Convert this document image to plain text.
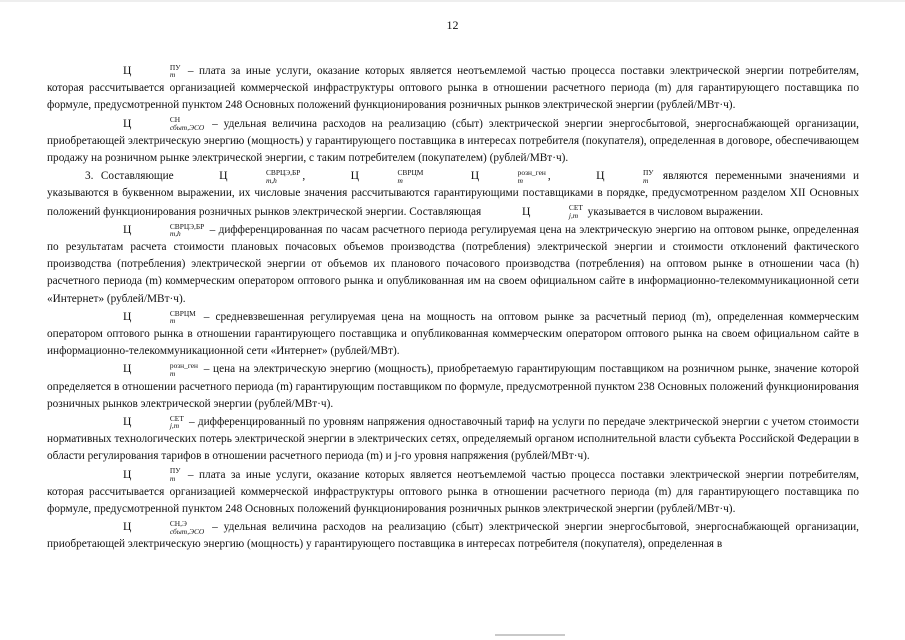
12

Ц	ПУ
m – плата за иные услуги, оказание которых является неотъемлемой частью процесса поставки электрической энергии потребителям, которая рассчитывается организацией коммерческой инфраструктуры оптового рынка в отношении расчетного периода (m) для гарантирующего поставщика по формуле, предусмотренной пунктом 248 Основных положений функционирования розничных рынков электрической энергии (рублей/МВт·ч).

Ц	СН
сбыт,ЭСО – удельная величина расходов на реализацию (сбыт) электрической энергии энергосбытовой, энергоснабжающей организации, приобретающей электрическую энергию (мощность) у гарантирующего поставщика в интересах потребителя (покупателя), определенная в договоре, обеспечивающем продажу на розничном рынке электрической энергии, с таким потребителем (покупателем) (рублей/МВт·ч).

3. Составляющие	Ц	СВРЦЭ,БР
m,h	,	Ц	СВРЦМ
m	Ц	розн_ген
m	,	Ц	ПУ
m являются переменными значениями и указываются в буквенном выражении, их числовые значения рассчитываются гарантирующими поставщиками в порядке, предусмотренном разделом XII Основных положений функционирования розничных рынков электрической энергии. Составляющая	Ц	СЕТ
j,m указывается в числовом выражении.

Ц	СВРЦЭ,БР
m,h	– дифференцированная по часам расчетного периода регулируемая цена на электрическую энергию на оптовом рынке, определенная по результатам расчета стоимости плановых почасовых объемов производства (потребления) электрической энергии и стоимости отклонений фактического производства (потребления) электрической энергии от объемов их планового почасового производства (потребления) на оптовом рынке в отношении часа (h) расчетного периода (m) коммерческим оператором оптового рынка и опубликованная им на своем официальном сайте в информационно-телекоммуникационной сети «Интернет» (рублей/МВт·ч).

Ц	СВРЦМ
m	– средневзвешенная регулируемая цена на мощность на оптовом рынке за расчетный период (m), определенная коммерческим оператором оптового рынка в отношении гарантирующего поставщика и опубликованная коммерческим оператором оптового рынка на своем официальном сайте в информационно-телекоммуникационной сети «Интернет» (рублей/МВт).

Ц	розн_ген
m	– цена на электрическую энергию (мощность), приобретаемую гарантирующим поставщиком на розничном рынке, значение которой определяется в отношении расчетного периода (m) гарантирующим поставщиком по формуле, предусмотренной пунктом 238 Основных положений функционирования розничных рынков электрической энергии (рублей/МВт·ч).

Ц	СЕТ
j,m – дифференцированный по уровням напряжения одноставочный тариф на услуги по передаче электрической энергии с учетом стоимости нормативных технологических потерь электрической энергии в электрических сетях, определяемый органом исполнительной власти субъекта Российской Федерации в области регулирования тарифов в отношении расчетного периода (m) и j-го уровня напряжения (рублей/МВт·ч).

Ц	ПУ
m – плата за иные услуги, оказание которых является неотъемлемой частью процесса поставки электрической энергии потребителям, которая рассчитывается организацией коммерческой инфраструктуры оптового рынка в отношении расчетного периода (m) для гарантирующего поставщика по формуле, предусмотренной пунктом 248 Основных положений функционирования розничных рынков электрической энергии (рублей/МВт·ч).

Ц	СН,Э
сбыт,ЭСО – удельная величина расходов на реализацию (сбыт) электрической энергии энергосбытовой, энергоснабжающей организации, приобретающей электрическую энергию (мощность) у гарантирующего поставщика в интересах потребителя (покупателя), определенная в
